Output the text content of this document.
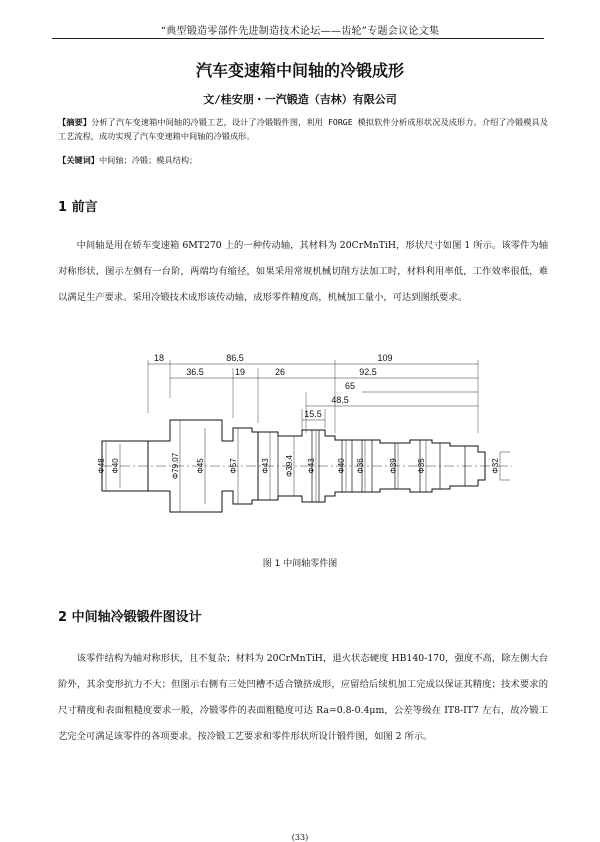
“典型锻造零部件先进制造技术论坛——齿轮”专题会议论文集
汽车变速箱中间轴的冷锻成形
文/桂安朋・一汽锻造（吉林）有限公司
【摘要】分析了汽车变速箱中间轴的冷锻工艺，设计了冷锻锻件图，利用 FORGE 模拟软件分析成形状况及成形力。介绍了冷锻模具及工艺流程，成功实现了汽车变速箱中间轴的冷锻成形。
【关键词】中间轴；冷锻；模具结构；
1 前言

中间轴是用在轿车变速箱 6MT270 上的一种传动轴，其材料为 20CrMnTiH，形状尺寸如图 1 所示。该零件为轴对称形状，图示左侧有一台阶，两端均有缩径，如果采用常规机械切削方法加工时，材料利用率低，工作效率很低，难以满足生产要求。采用冷锻技术成形该传动轴，成形零件精度高，机械加工量小，可达到图纸要求。

18	86.5	109
36.5	19	26	92.5
65
48.5
15.5
Φ48 Φ40	Φ79.07 Φ45	Φ57	Φ43 Φ39.4 Φ43	Φ40 Φ36	Φ39 Φ35	Φ32
图 1 中间轴零件图
2 中间轴冷锻锻件图设计

该零件结构为轴对称形状，且不复杂；材料为 20CrMnTiH，退火状态硬度 HB140-170，强度不高，除左侧大台阶外，其余变形抗力不大；但图示右侧有三处凹槽不适合镦挤成形，应留给后续机加工完成以保证其精度；技术要求的尺寸精度和表面粗糙度要求一般，冷锻零件的表面粗糙度可达 Ra=0.8-0.4μm，公差等级在 IT8-IT7 左右，故冷锻工艺完全可满足该零件的各项要求。按冷锻工艺要求和零件形状所设计锻件图，如图 2 所示。

(33)
